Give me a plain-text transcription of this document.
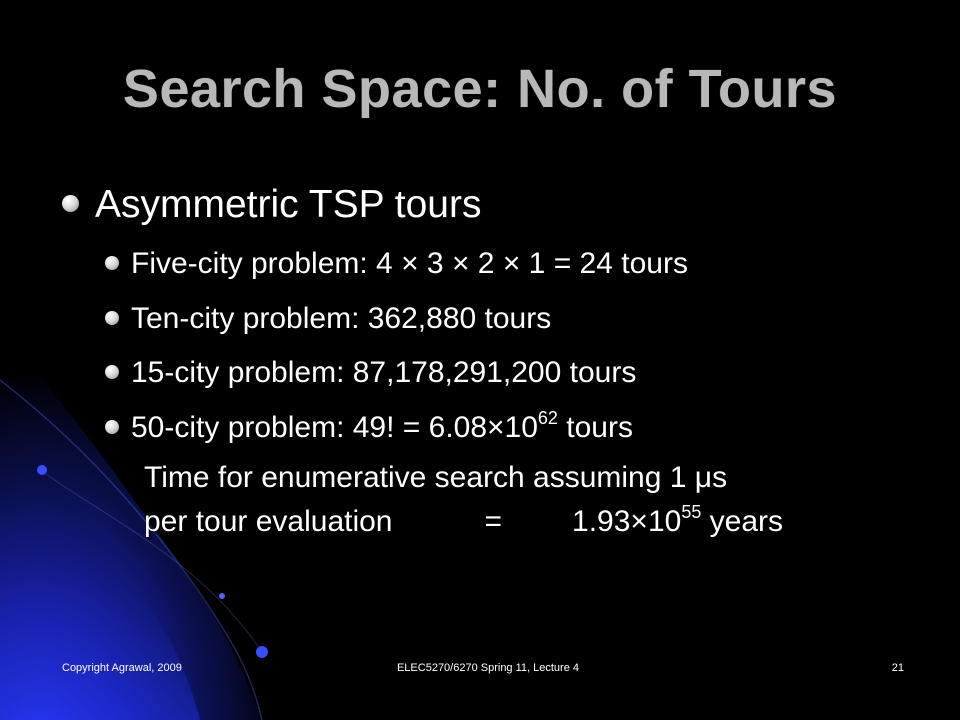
Search Space: No. of Tours
Asymmetric TSP tours
Five-city problem: 4 × 3 × 2 × 1 = 24 tours
Ten-city problem: 362,880 tours
15-city problem: 87,178,291,200 tours
50-city problem: 49! = $6.08\times 10^{62}$ tours
Time for enumerative search assuming 1 μs
per tour evaluation	= $1.93\times 10^{55}$ years
Copyright Agrawal, 2009	ELEC5270/6270 Spring 11, Lecture 4	21
